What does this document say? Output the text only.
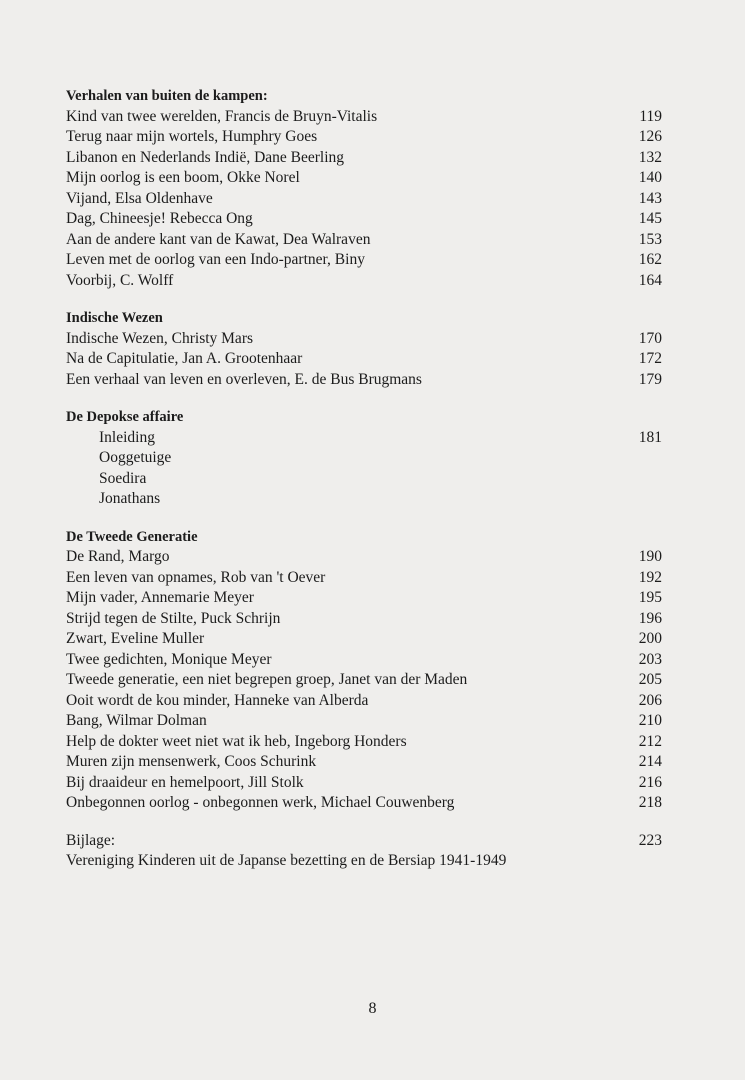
Verhalen van buiten de kampen:
Kind van twee werelden, Francis de Bruyn-Vitalis	119
Terug naar mijn wortels, Humphry Goes	126
Libanon en Nederlands Indië, Dane Beerling	132
Mijn oorlog is een boom, Okke Norel	140
Vijand, Elsa Oldenhave	143
Dag, Chineesje! Rebecca Ong	145
Aan de andere kant van de Kawat, Dea Walraven	153
Leven met de oorlog van een Indo-partner, Biny	162
Voorbij, C. Wolff	164
Indische Wezen
Indische Wezen, Christy Mars	170
Na de Capitulatie, Jan A. Grootenhaar	172
Een verhaal van leven en overleven, E. de Bus Brugmans	179
De Depokse affaire
Inleiding	181
Ooggetuige
Soedira
Jonathans
De Tweede Generatie
De Rand, Margo	190
Een leven van opnames, Rob van 't Oever	192
Mijn vader, Annemarie Meyer	195
Strijd tegen de Stilte, Puck Schrijn	196
Zwart, Eveline Muller	200
Twee gedichten, Monique Meyer	203
Tweede generatie, een niet begrepen groep, Janet van der Maden	205
Ooit wordt de kou minder, Hanneke van Alberda	206
Bang, Wilmar Dolman	210
Help de dokter weet niet wat ik heb, Ingeborg Honders	212
Muren zijn mensenwerk, Coos Schurink	214
Bij draaideur en hemelpoort, Jill Stolk	216
Onbegonnen oorlog - onbegonnen werk, Michael Couwenberg	218
Bijlage:	223
Vereniging Kinderen uit de Japanse bezetting en de Bersiap 1941-1949
8
